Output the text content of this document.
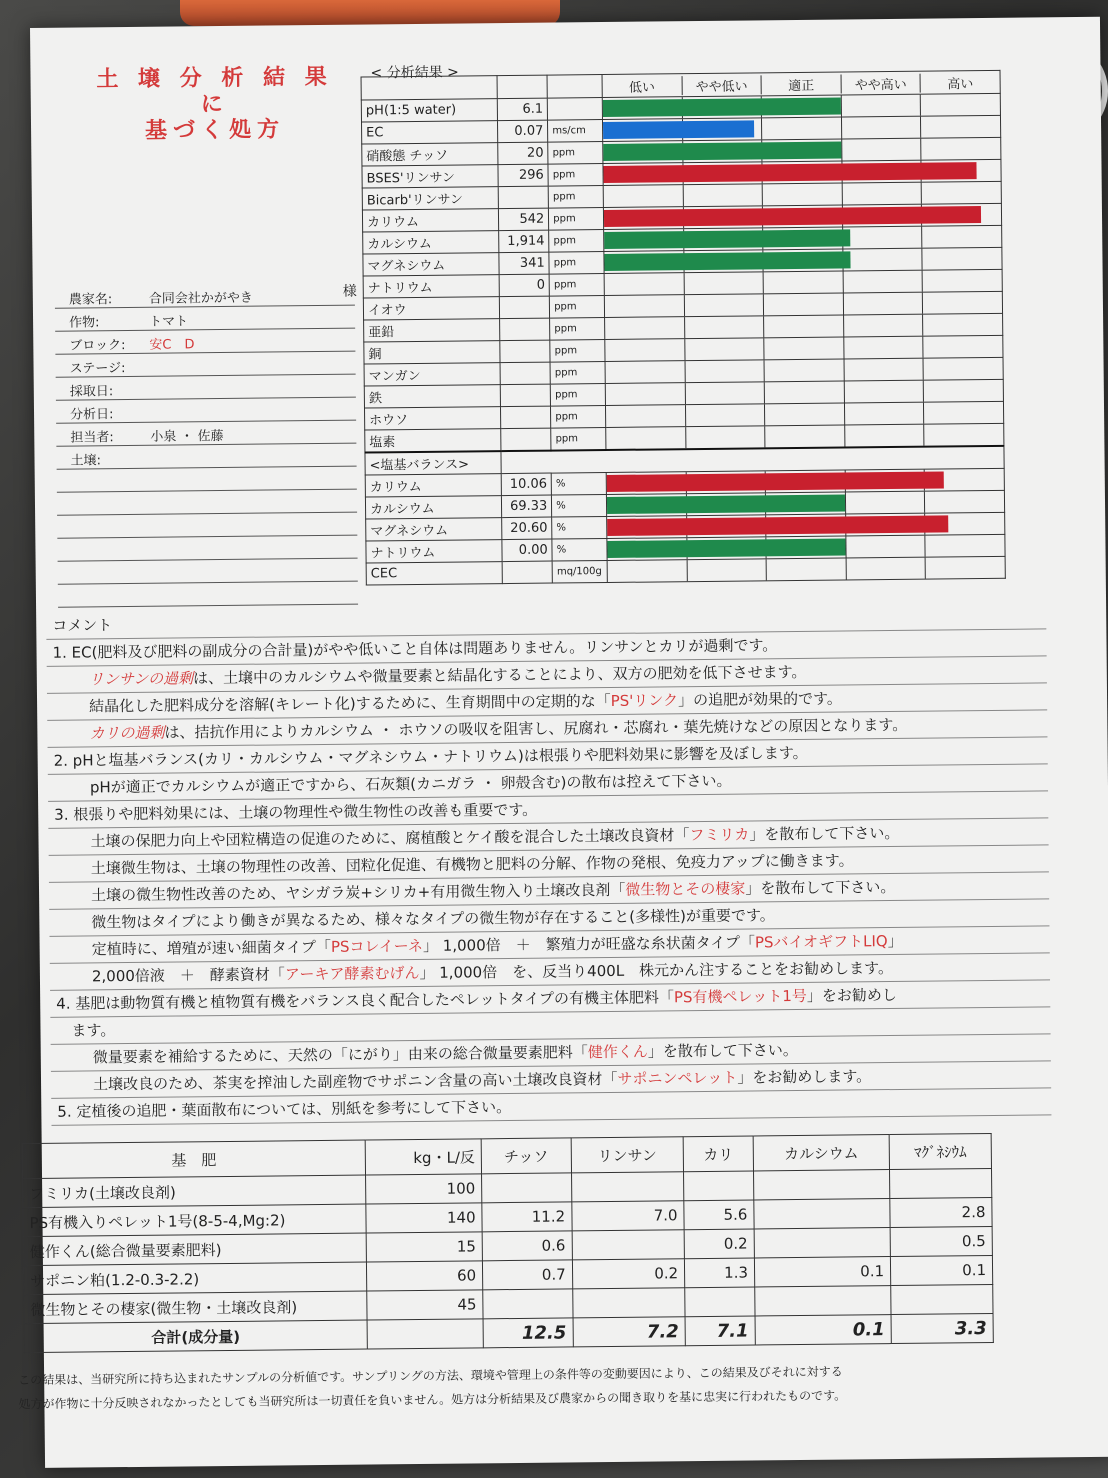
土 壌 分 析 結 果に
基づく処方
< 分析結果 >
農家名:	合同会社かがやき
作物:	トマト
ブロック:	安C　D
ステージ:
採取日:
分析日:
担当者:	小泉 ・ 佐藤
土壌:
様

			低い やや低い 適正 やや高い 高い

pH(1:5 water)	6.1		

EC	0.07	ms/cm	

硝酸態 チッソ	20	ppm	

BSES'リンサン	296	ppm	

Bicarb'リンサン		ppm	

カリウム	542	ppm	

カルシウム	1,914	ppm	

マグネシウム	341	ppm	

ナトリウム	0	ppm	

イオウ		ppm	

亜鉛		ppm	

銅		ppm	

マンガン		ppm	

鉄		ppm	

ホウソ		ppm	

塩素		ppm	

<塩基バランス>			
カリウム	10.06	%	

カルシウム	69.33	%	

マグネシウム	20.60	%	

ナトリウム	0.00	%	

CEC		mq/100g	
コメント
1. EC(肥料及び肥料の副成分の合計量)がやや低いこと自体は問題ありません。リンサンとカリが過剰です。
リンサンの過剰は、土壌中のカルシウムや微量要素と結晶化することにより、双方の肥効を低下させます。
結晶化した肥料成分を溶解(キレート化)するために、生育期間中の定期的な「PS'リンク」の追肥が効果的です。
カリの過剰は、拮抗作用によりカルシウム ・ ホウソの吸収を阻害し、尻腐れ・芯腐れ・葉先焼けなどの原因となります。
2. pHと塩基バランス(カリ・カルシウム・マグネシウム・ナトリウム)は根張りや肥料効果に影響を及ぼします。
pHが適正でカルシウムが適正ですから、石灰類(カニガラ ・ 卵殻含む)の散布は控えて下さい。
3. 根張りや肥料効果には、土壌の物理性や微生物性の改善も重要です。
土壌の保肥力向上や団粒構造の促進のために、腐植酸とケイ酸を混合した土壌改良資材「フミリカ」を散布して下さい。
土壌微生物は、土壌の物理性の改善、団粒化促進、有機物と肥料の分解、作物の発根、免疫力アップに働きます。
土壌の微生物性改善のため、ヤシガラ炭+シリカ+有用微生物入り土壌改良剤「微生物とその棲家」を散布して下さい。
微生物はタイプにより働きが異なるため、様々なタイプの微生物が存在すること(多様性)が重要です。
定植時に、増殖が速い細菌タイプ「PSコレイーネ」 1,000倍　＋　繁殖力が旺盛な糸状菌タイプ「PSバイオギフトLIQ」
2,000倍液　＋　酵素資材「アーキア酵素むげん」 1,000倍　を、反当り400L　株元かん注することをお勧めします。
4. 基肥は動物質有機と植物質有機をバランス良く配合したペレットタイプの有機主体肥料「PS有機ペレット1号」をお勧めし
　ます。
微量要素を補給するために、天然の「にがり」由来の総合微量要素肥料「健作くん」を散布して下さい。
土壌改良のため、茶実を搾油した副産物でサポニン含量の高い土壌改良資材「サポニンペレット」をお勧めします。
5. 定植後の追肥・葉面散布については、別紙を参考にして下さい。
基　肥	kg・L/反	チッソ	リンサン	カリ	カルシウム	ﾏｸﾞﾈｼｳﾑ
フミリカ(土壌改良剤)	100					
PS有機入りペレット1号(8-5-4,Mg:2)	140	11.2	7.0	5.6		2.8
健作くん(総合微量要素肥料)	15	0.6		0.2		0.5
サポニン粕(1.2-0.3-2.2)	60	0.7	0.2	1.3	0.1	0.1
微生物とその棲家(微生物・土壌改良剤)	45					
合計(成分量)		12.5	7.2	7.1	0.1	3.3
この結果は、当研究所に持ち込まれたサンプルの分析値です。サンプリングの方法、環境や管理上の条件等の変動要因により、この結果及びそれに対する
処方が作物に十分反映されなかったとしても当研究所は一切責任を負いません。処方は分析結果及び農家からの聞き取りを基に忠実に行われたものです。
